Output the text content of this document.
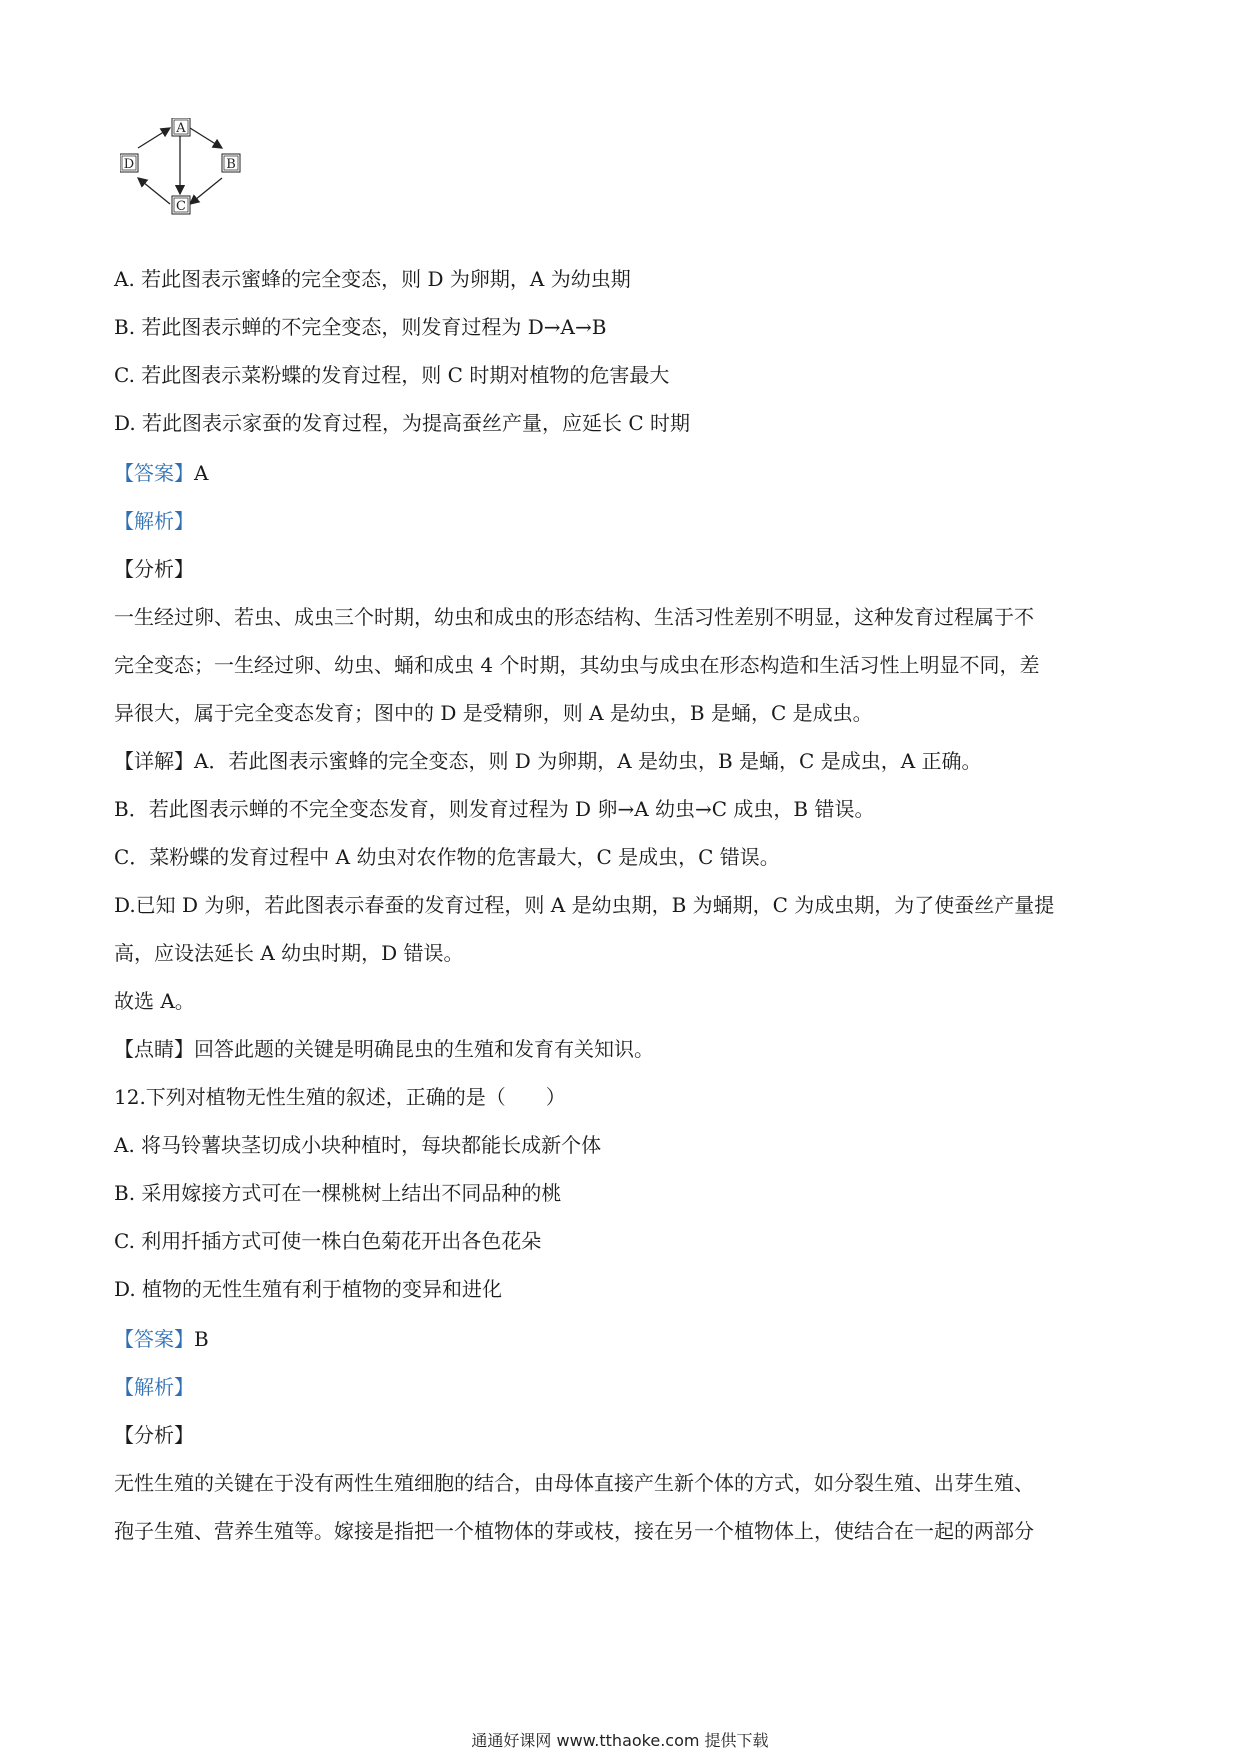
A
B
C
D
A. 若此图表示蜜蜂的完全变态，则 D 为卵期，A 为幼虫期
B. 若此图表示蝉的不完全变态，则发育过程为 D→A→B
C. 若此图表示菜粉蝶的发育过程，则 C 时期对植物的危害最大
D. 若此图表示家蚕的发育过程，为提高蚕丝产量，应延长 C 时期
【答案】A
【解析】
【分析】
一生经过卵、若虫、成虫三个时期，幼虫和成虫的形态结构、生活习性差别不明显，这种发育过程属于不
完全变态；一生经过卵、幼虫、蛹和成虫 4 个时期，其幼虫与成虫在形态构造和生活习性上明显不同，差
异很大，属于完全变态发育；图中的 D 是受精卵，则 A 是幼虫，B 是蛹，C 是成虫。
【详解】A．若此图表示蜜蜂的完全变态，则 D 为卵期，A 是幼虫，B 是蛹，C 是成虫，A 正确。
B．若此图表示蝉的不完全变态发育，则发育过程为 D 卵→A 幼虫→C 成虫，B 错误。
C．菜粉蝶的发育过程中 A 幼虫对农作物的危害最大，C 是成虫，C 错误。
D.已知 D 为卵，若此图表示春蚕的发育过程，则 A 是幼虫期，B 为蛹期，C 为成虫期，为了使蚕丝产量提
高，应设法延长 A 幼虫时期，D 错误。
故选 A。
【点睛】回答此题的关键是明确昆虫的生殖和发育有关知识。
12.下列对植物无性生殖的叙述，正确的是（　　）
A. 将马铃薯块茎切成小块种植时，每块都能长成新个体
B. 采用嫁接方式可在一棵桃树上结出不同品种的桃
C. 利用扦插方式可使一株白色菊花开出各色花朵
D. 植物的无性生殖有利于植物的变异和进化
【答案】B
【解析】
【分析】
无性生殖的关键在于没有两性生殖细胞的结合，由母体直接产生新个体的方式，如分裂生殖、出芽生殖、
孢子生殖、营养生殖等。嫁接是指把一个植物体的芽或枝，接在另一个植物体上，使结合在一起的两部分
通通好课网 www.tthaoke.com 提供下载
